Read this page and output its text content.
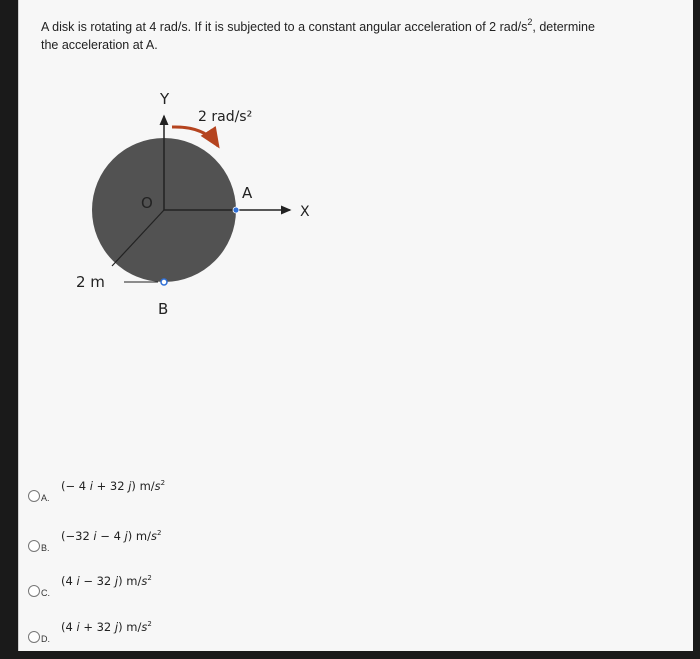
A disk is rotating at 4 rad/s. If it is subjected to a constant angular acceleration of 2 rad/$s^2$, determine
the acceleration at A.
Y
X
2 rad/s²
O
A
2 m
B
A.
(− 4 i + 32 j) $m/s^2$
B.
(−32 i − 4 j) $m/s^2$
C.
(4 i − 32 j) $m/s^2$
D.
(4 i + 32 j) $m/s^2$
